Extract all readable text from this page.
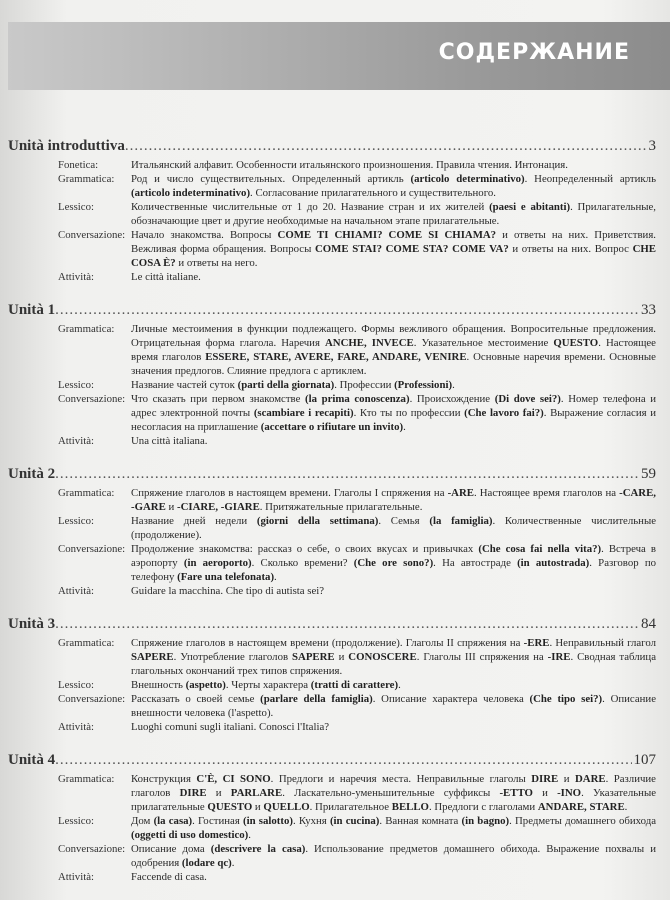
СОДЕРЖАНИЕ
Unità introduttiva .....	3
Fonetica:	Итальянский алфавит. Особенности итальянского произношения. Правила чтения. Интонация.
Grammatica:	Род и число существительных. Определенный артикль (articolo determinativo). Неопределенный артикль (articolo indeterminativo). Согласование прилагательного и существительного.
Lessico:	Количественные числительные от 1 до 20. Название стран и их жителей (paesi e abitanti). Прилагательные, обозначающие цвет и другие необходимые на начальном этапе прилагательные.
Conversazione: Начало знакомства. Вопросы COME TI CHIAMI? COME SI CHIAMA? и ответы на них. Приветствия. Вежливая форма обращения. Вопросы COME STAI? COME STA? COME VA? и ответы на них. Вопрос CHE COSA È? и ответы на него.
Attività:	Le città italiane.
Unità 1 .....	33
Grammatica:	Личные местоимения в функции подлежащего. Формы вежливого обращения. Вопросительные предложения. Отрицательная форма глагола. Наречия ANCHE, INVECE. Указательное местоимение QUESTO. Настоящее время глаголов ESSERE, STARE, AVERE, FARE, ANDARE, VENIRE. Основные наречия времени. Основные значения предлогов. Слияние предлога с артиклем.
Lessico:	Название частей суток (parti della giornata). Профессии (Professioni).
Conversazione: Что сказать при первом знакомстве (la prima conoscenza). Происхождение (Di dove sei?). Номер телефона и адрес электронной почты (scambiare i recapiti). Кто ты по профессии (Che lavoro fai?). Выражение согласия и несогласия на приглашение (accettare o rifiutare un invito).
Attività:	Una città italiana.
Unità 2 .....	59
Grammatica:	Спряжение глаголов в настоящем времени. Глаголы I спряжения на -ARE. Настоящее время глаголов на -CARE, -GARE и -CIARE, -GIARE. Притяжательные прилагательные.
Lessico:	Название дней недели (giorni della settimana). Семья (la famiglia). Количественные числительные (продолжение).
Conversazione: Продолжение знакомства: рассказ о себе, о своих вкусах и привычках (Che cosa fai nella vita?). Встреча в аэропорту (in aeroporto). Сколько времени? (Che ore sono?). На автостраде (in autostrada). Разговор по телефону (Fare una telefonata).
Attività:	Guidare la macchina. Che tipo di autista sei?
Unità 3 .....	84
Grammatica:	Спряжение глаголов в настоящем времени (продолжение). Глаголы II спряжения на -ERE. Неправильный глагол SAPERE. Употребление глаголов SAPERE и CONOSCERE. Глаголы III спряжения на -IRE. Сводная таблица глагольных окончаний трех типов спряжения.
Lessico:	Внешность (aspetto). Черты характера (tratti di carattere).
Conversazione: Рассказать о своей семье (parlare della famiglia). Описание характера человека (Che tipo sei?). Описание внешности человека (l'aspetto).
Attività:	Luoghi comuni sugli italiani. Conosci l'Italia?
Unità 4 .....	107
Grammatica:	Конструкция C'È, CI SONO. Предлоги и наречия места. Неправильные глаголы DIRE и DARE. Различие глаголов DIRE и PARLARE. Ласкательно-уменьшительные суффиксы -ETTO и -INO. Указательные прилагательные QUESTO и QUELLO. Прилагательное BELLO. Предлоги с глаголами ANDARE, STARE.
Lessico:	Дом (la casa). Гостиная (in salotto). Кухня (in cucina). Ванная комната (in bagno). Предметы домашнего обихода (oggetti di uso domestico).
Conversazione: Описание дома (descrivere la casa). Использование предметов домашнего обихода. Выражение похвалы и одобрения (lodare qc).
Attività:	Faccende di casa.
